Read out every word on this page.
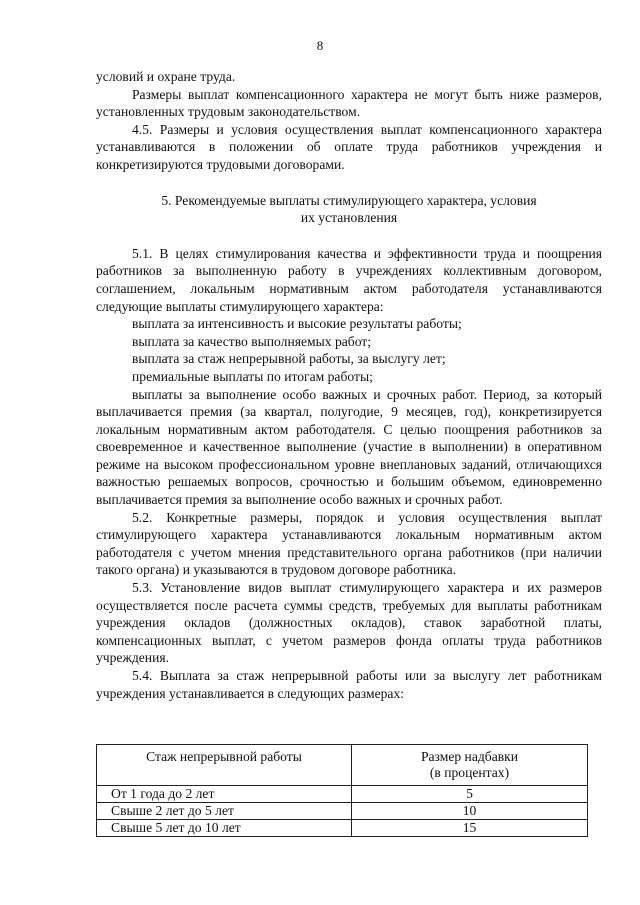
8

условий и охране труда.

Размеры выплат компенсационного характера не могут быть ниже размеров, установленных трудовым законодательством.

4.5. Размеры и условия осуществления выплат компенсационного характера устанавливаются в положении об оплате труда работников учреждения и конкретизируются трудовыми договорами.

5. Рекомендуемые выплаты стимулирующего характера, условия их установления

5.1. В целях стимулирования качества и эффективности труда и поощрения работников за выполненную работу в учреждениях коллективным договором, соглашением, локальным нормативным актом работодателя устанавливаются следующие выплаты стимулирующего характера:

выплата за интенсивность и высокие результаты работы;

выплата за качество выполняемых работ;

выплата за стаж непрерывной работы, за выслугу лет;

премиальные выплаты по итогам работы;

выплаты за выполнение особо важных и срочных работ. Период, за который выплачивается премия (за квартал, полугодие, 9 месяцев, год), конкретизируется локальным нормативным актом работодателя. С целью поощрения работников за своевременное и качественное выполнение (участие в выполнении) в оперативном режиме на высоком профессиональном уровне внеплановых заданий, отличающихся важностью решаемых вопросов, срочностью и большим объемом, единовременно выплачивается премия за выполнение особо важных и срочных работ.

5.2. Конкретные размеры, порядок и условия осуществления выплат стимулирующего характера устанавливаются локальным нормативным актом работодателя с учетом мнения представительного органа работников (при наличии такого органа) и указываются в трудовом договоре работника.

5.3. Установление видов выплат стимулирующего характера и их размеров осуществляется после расчета суммы средств, требуемых для выплаты работникам учреждения окладов (должностных окладов), ставок заработной платы, компенсационных выплат, с учетом размеров фонда оплаты труда работников учреждения.

5.4. Выплата за стаж непрерывной работы или за выслугу лет работникам учреждения устанавливается в следующих размерах:

Стаж непрерывной работы	Размер надбавки
(в процентах)

От 1 года до 2 лет	5
Свыше 2 лет до 5 лет	10
Свыше 5 лет до 10 лет	15
